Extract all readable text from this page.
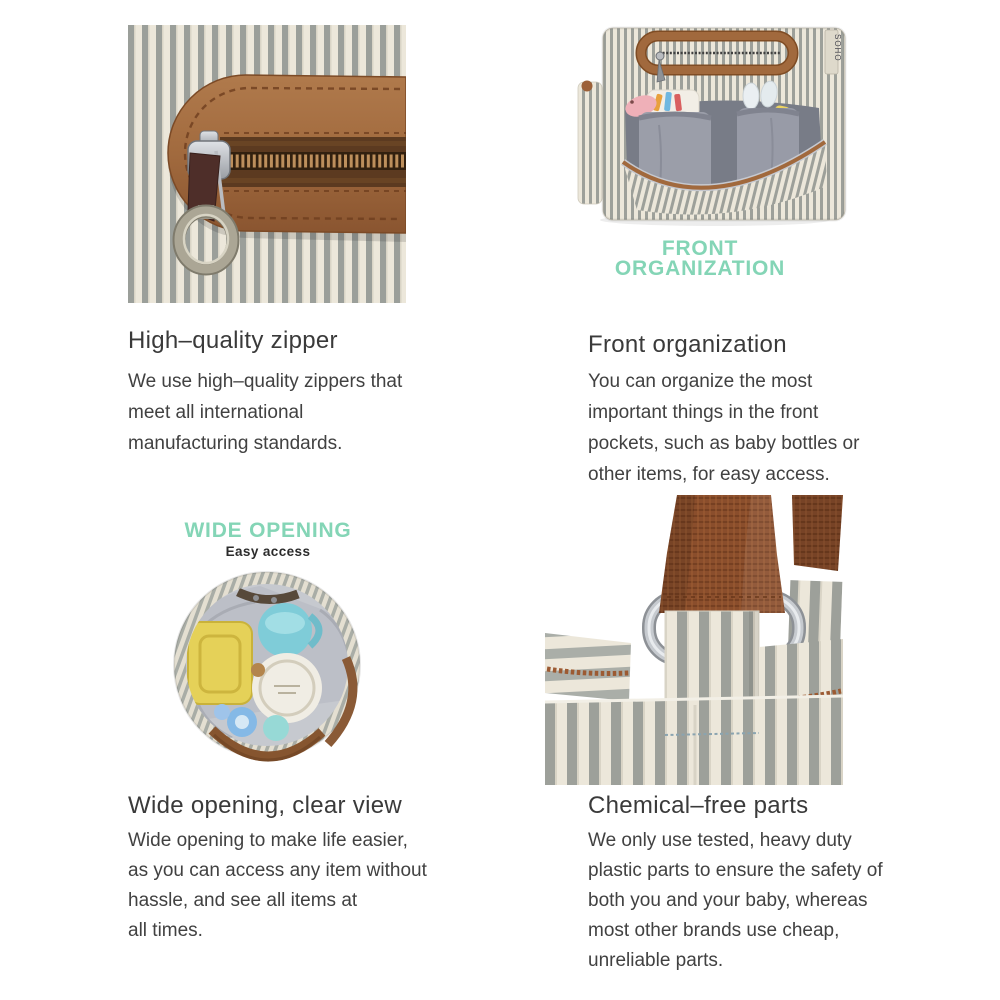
High–quality zipper
We use high–quality zippers that
meet all international
manufacturing standards.
SOHO
FRONT
ORGANIZATION
Front organization
You can organize the most
important things in the front
pockets, such as baby bottles or
other items, for easy access.
WIDE OPENING
Easy access
Wide opening, clear view
Wide opening to make life easier,
as you can access any item without
hassle, and see all items at
all times.
Chemical–free parts
We only use tested, heavy duty
plastic parts to ensure the safety of
both you and your baby, whereas
most other brands use cheap,
unreliable parts.
